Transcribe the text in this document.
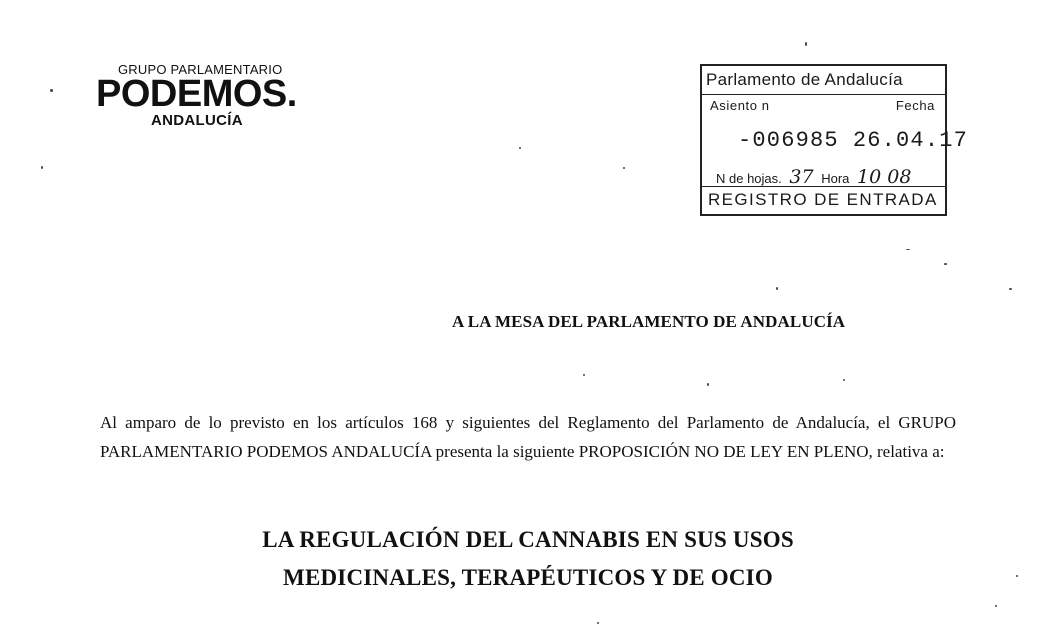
GRUPO PARLAMENTARIO
PODEMOS.
ANDALUCÍA
Parlamento de Andalucía
Asiento n	Fecha
-006985 26.04.17
N de hojas. 37 Hora 10 08
REGISTRO DE ENTRADA
A LA MESA DEL PARLAMENTO DE ANDALUCÍA
Al amparo de lo previsto en los artículos 168 y siguientes del Reglamento del Parlamento de Andalucía, el GRUPO PARLAMENTARIO PODEMOS ANDALUCÍA presenta la siguiente PROPOSICIÓN NO DE LEY EN PLENO, relativa a:
LA REGULACIÓN DEL CANNABIS EN SUS USOS
MEDICINALES, TERAPÉUTICOS Y DE OCIO
